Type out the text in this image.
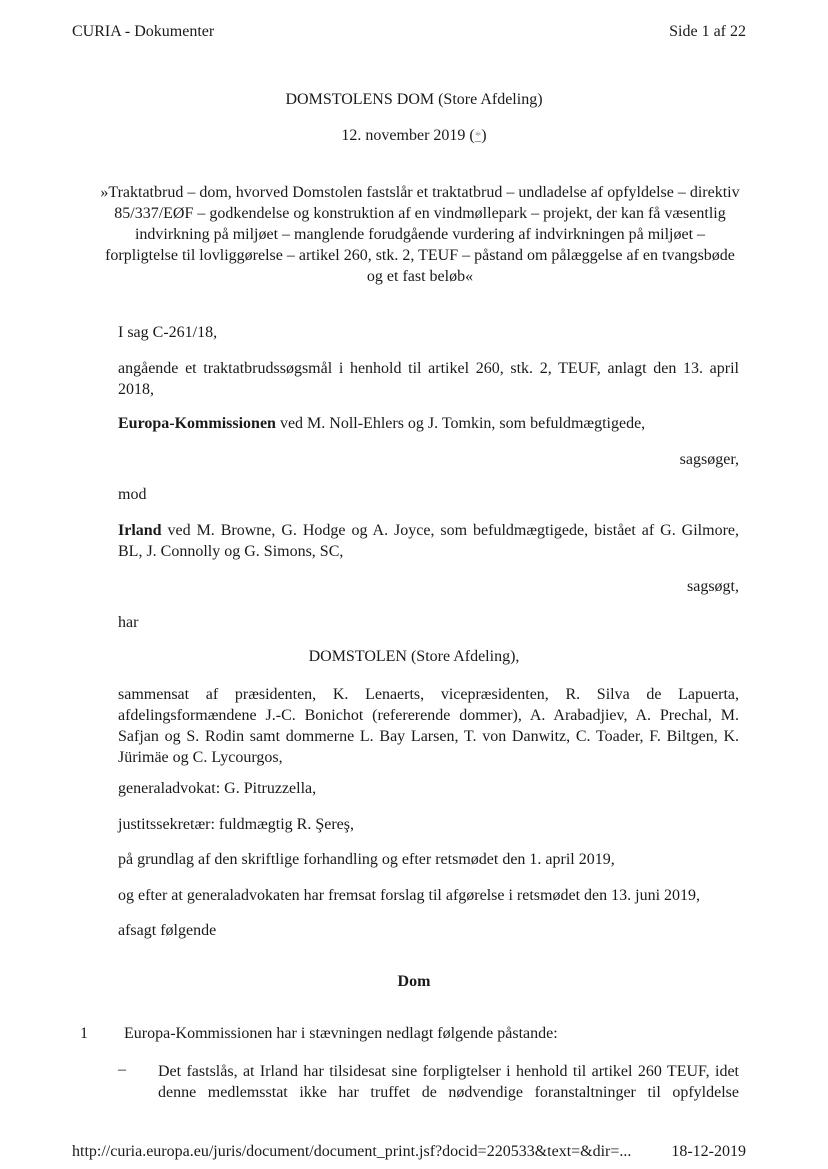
CURIA - Dokumenter	Side 1 af 22
DOMSTOLENS DOM (Store Afdeling)
12. november 2019 (*)
»Traktatbrud – dom, hvorved Domstolen fastslår et traktatbrud – undladelse af opfyldelse – direktiv 85/337/EØF – godkendelse og konstruktion af en vindmøllepark – projekt, der kan få væsentlig indvirkning på miljøet – manglende forudgående vurdering af indvirkningen på miljøet – forpligtelse til lovliggørelse – artikel 260, stk. 2, TEUF – påstand om pålæggelse af en tvangsbøde og et fast beløb«
I sag C-261/18,
angående et traktatbrudssøgsmål i henhold til artikel 260, stk. 2, TEUF, anlagt den 13. april 2018,
Europa-Kommissionen ved M. Noll-Ehlers og J. Tomkin, som befuldmægtigede,
sagsøger,
mod
Irland ved M. Browne, G. Hodge og A. Joyce, som befuldmægtigede, bistået af G. Gilmore, BL, J. Connolly og G. Simons, SC,
sagsøgt,
har
DOMSTOLEN (Store Afdeling),
sammensat af præsidenten, K. Lenaerts, vicepræsidenten, R. Silva de Lapuerta, afdelingsformændene J.-C. Bonichot (refererende dommer), A. Arabadjiev, A. Prechal, M. Safjan og S. Rodin samt dommerne L. Bay Larsen, T. von Danwitz, C. Toader, F. Biltgen, K. Jürimäe og C. Lycourgos,
generaladvokat: G. Pitruzzella,
justitssekretær: fuldmægtig R. Şereş,
på grundlag af den skriftlige forhandling og efter retsmødet den 1. april 2019,
og efter at generaladvokaten har fremsat forslag til afgørelse i retsmødet den 13. juni 2019,
afsagt følgende
Dom
1 Europa-Kommissionen har i stævningen nedlagt følgende påstande:
– Det fastslås, at Irland har tilsidesat sine forpligtelser i henhold til artikel 260 TEUF, idet denne medlemsstat ikke har truffet de nødvendige foranstaltninger til opfyldelse
http://curia.europa.eu/juris/document/document_print.jsf?docid=220533&text=&dir=... 18-12-2019
